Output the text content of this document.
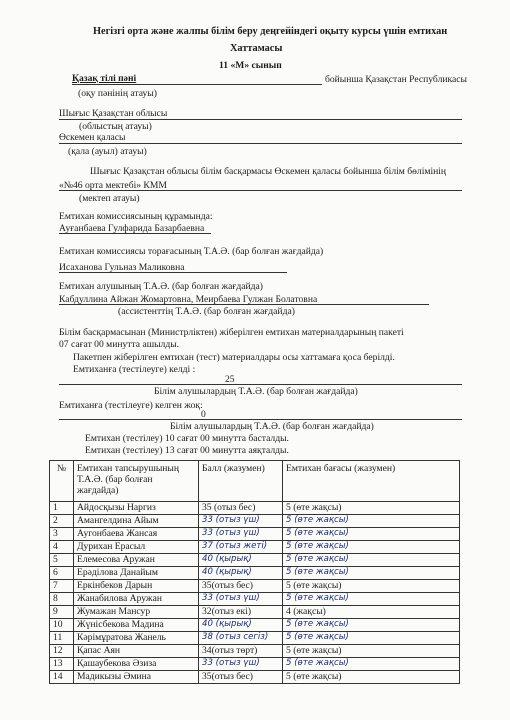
Негізгі орта және жалпы білім беру деңгейіндегі оқыту курсы үшін емтихан
Хаттамасы
11 «М» сынып
Қазақ тілі пәні	бойынша Қазақстан Республикасы
(оқу пәнінің атауы)
Шығыс Қазақстан облысы
(облыстың атауы)
Өскемен қаласы
(қала (ауыл) атауы)
Шығыс Қазақстан облысы білім басқармасы Өскемен қаласы бойынша білім бөлімінің
«№46 орта мектебі» КММ
(мектеп атауы)
Емтихан комиссиясының құрамында:
Ауғанбаева Гулфарида Базарбаевна
Емтихан комиссиясы торағасының Т.А.Ә. (бар болған жағдайда)
Исаханова Гульназ Маликовна
Емтихан алушының Т.А.Ә. (бар болған жағдайда)
Кабдуллина Айжан Жомартовна, Меирбаева Гулжан Болатовна
(ассистенттің Т.А.Ә. (бар болған жағдайда)
Білім басқармасынан (Министрліктен) жіберілген емтихан материалдарының пакеті
07 сағат 00 минутта ашылды.
Пакетпен жіберілген емтихан (тест) материалдары осы хаттамаға қоса берілді.
Емтиханға (тестілеуге) келді :
25
Білім алушылардың Т.А.Ә. (бар болған жағдайда)
Емтиханға (тестілеуге) келген жоқ:
0
Білім алушылардың Т.А.Ә. (бар болған жағдайда)
Емтихан (тестілеу) 10 сағат 00 минутта басталды.
Емтихан (тестілеу) 13 сағат 00 минутта аяқталды.
№	Емтихан тапсырушының Т.А.Ә. (бар болған жағдайда)	Балл (жазумен)	Емтихан бағасы (жазумен)
1	Айдосқызы Наргиз	35 (отыз бес)	5 (өте жақсы)
2	Амангелдина Айым	33 (отыз үш)	5 (өте жақсы)
3	Аугонбаева Жансая	33 (отыз үш)	5 (өте жақсы)
4	Дурихан Ерасыл	37 (отыз жеті)	5 (өте жақсы)
5	Елемесова Аружан	40 (қырық)	5 (өте жақсы)
6	Ерәділова Данайым	40 (қырық)	5 (өте жақсы)
7	Еркінбеков Дарын	35(отыз бес)	5 (өте жақсы)
8	Жанабилова Аружан	33 (отыз үш)	5 (өте жақсы)
9	Жумажан Мансур	32(отыз екі)	4 (жақсы)
10	Жүнісбекова Мадина	40 (қырық)	5 (өте жақсы)
11	Кәрімұратова Жанель	38 (отыз сегіз)	5 (өте жақсы)
12	Қапас Аян	34(отыз төрт)	5 (өте жақсы)
13	Қашаубекова Әзиза	33 (отыз үш)	5 (өте жақсы)
14	Мадикызы Әмина	35(отыз бес)	5 (өте жақсы)
